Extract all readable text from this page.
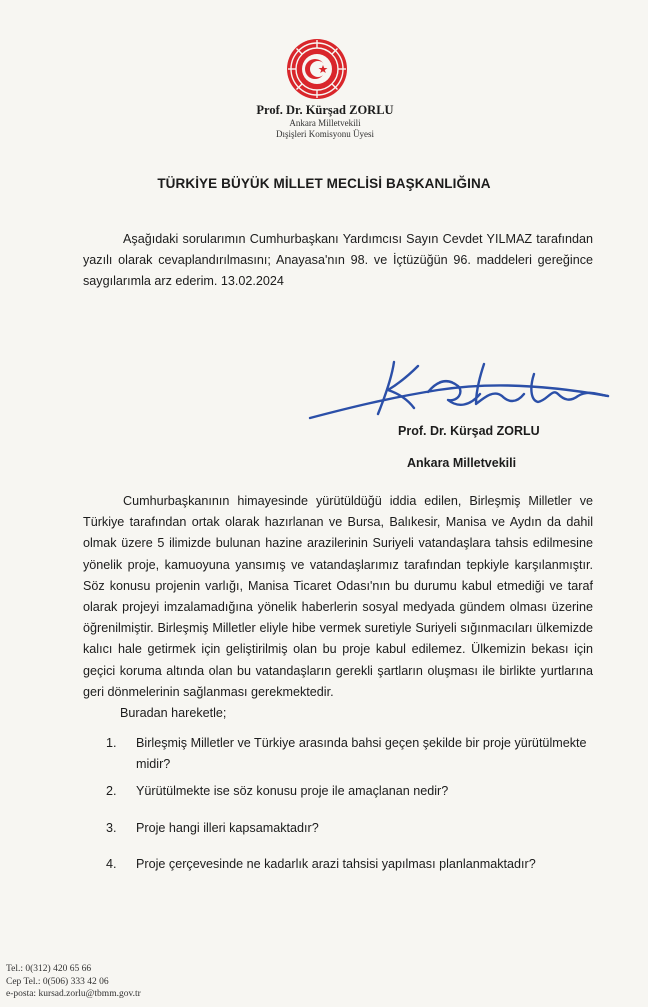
Prof. Dr. Kürşad ZORLU
Ankara Milletvekili
Dışişleri Komisyonu Üyesi
TÜRKİYE BÜYÜK MİLLET MECLİSİ BAŞKANLIĞINA
Aşağıdaki sorularımın Cumhurbaşkanı Yardımcısı Sayın Cevdet YILMAZ tarafından yazılı olarak cevaplandırılmasını; Anayasa'nın 98. ve İçtüzüğün 96. maddeleri gereğince saygılarımla arz ederim. 13.02.2024
Prof. Dr. Kürşad ZORLU
Ankara Milletvekili
Cumhurbaşkanının himayesinde yürütüldüğü iddia edilen, Birleşmiş Milletler ve Türkiye tarafından ortak olarak hazırlanan ve Bursa, Balıkesir, Manisa ve Aydın da dahil olmak üzere 5 ilimizde bulunan hazine arazilerinin Suriyeli vatandaşlara tahsis edilmesine yönelik proje, kamuoyuna yansımış ve vatandaşlarımız tarafından tepkiyle karşılanmıştır. Söz konusu projenin varlığı, Manisa Ticaret Odası'nın bu durumu kabul etmediği ve taraf olarak projeyi imzalamadığına yönelik haberlerin sosyal medyada gündem olması üzerine öğrenilmiştir. Birleşmiş Milletler eliyle hibe vermek suretiyle Suriyeli sığınmacıları ülkemizde kalıcı hale getirmek için geliştirilmiş olan bu proje kabul edilemez. Ülkemizin bekası için geçici koruma altında olan bu vatandaşların gerekli şartların oluşması ile birlikte yurtlarına geri dönmelerinin sağlanması gerekmektedir.
Buradan hareketle;
1. Birleşmiş Milletler ve Türkiye arasında bahsi geçen şekilde bir proje yürütülmekte midir?
2. Yürütülmekte ise söz konusu proje ile amaçlanan nedir?
3. Proje hangi illeri kapsamaktadır?
4. Proje çerçevesinde ne kadarlık arazi tahsisi yapılması planlanmaktadır?
Tel.: 0(312) 420 65 66
Cep Tel.: 0(506) 333 42 06
e-posta: kursad.zorlu@tbmm.gov.tr
